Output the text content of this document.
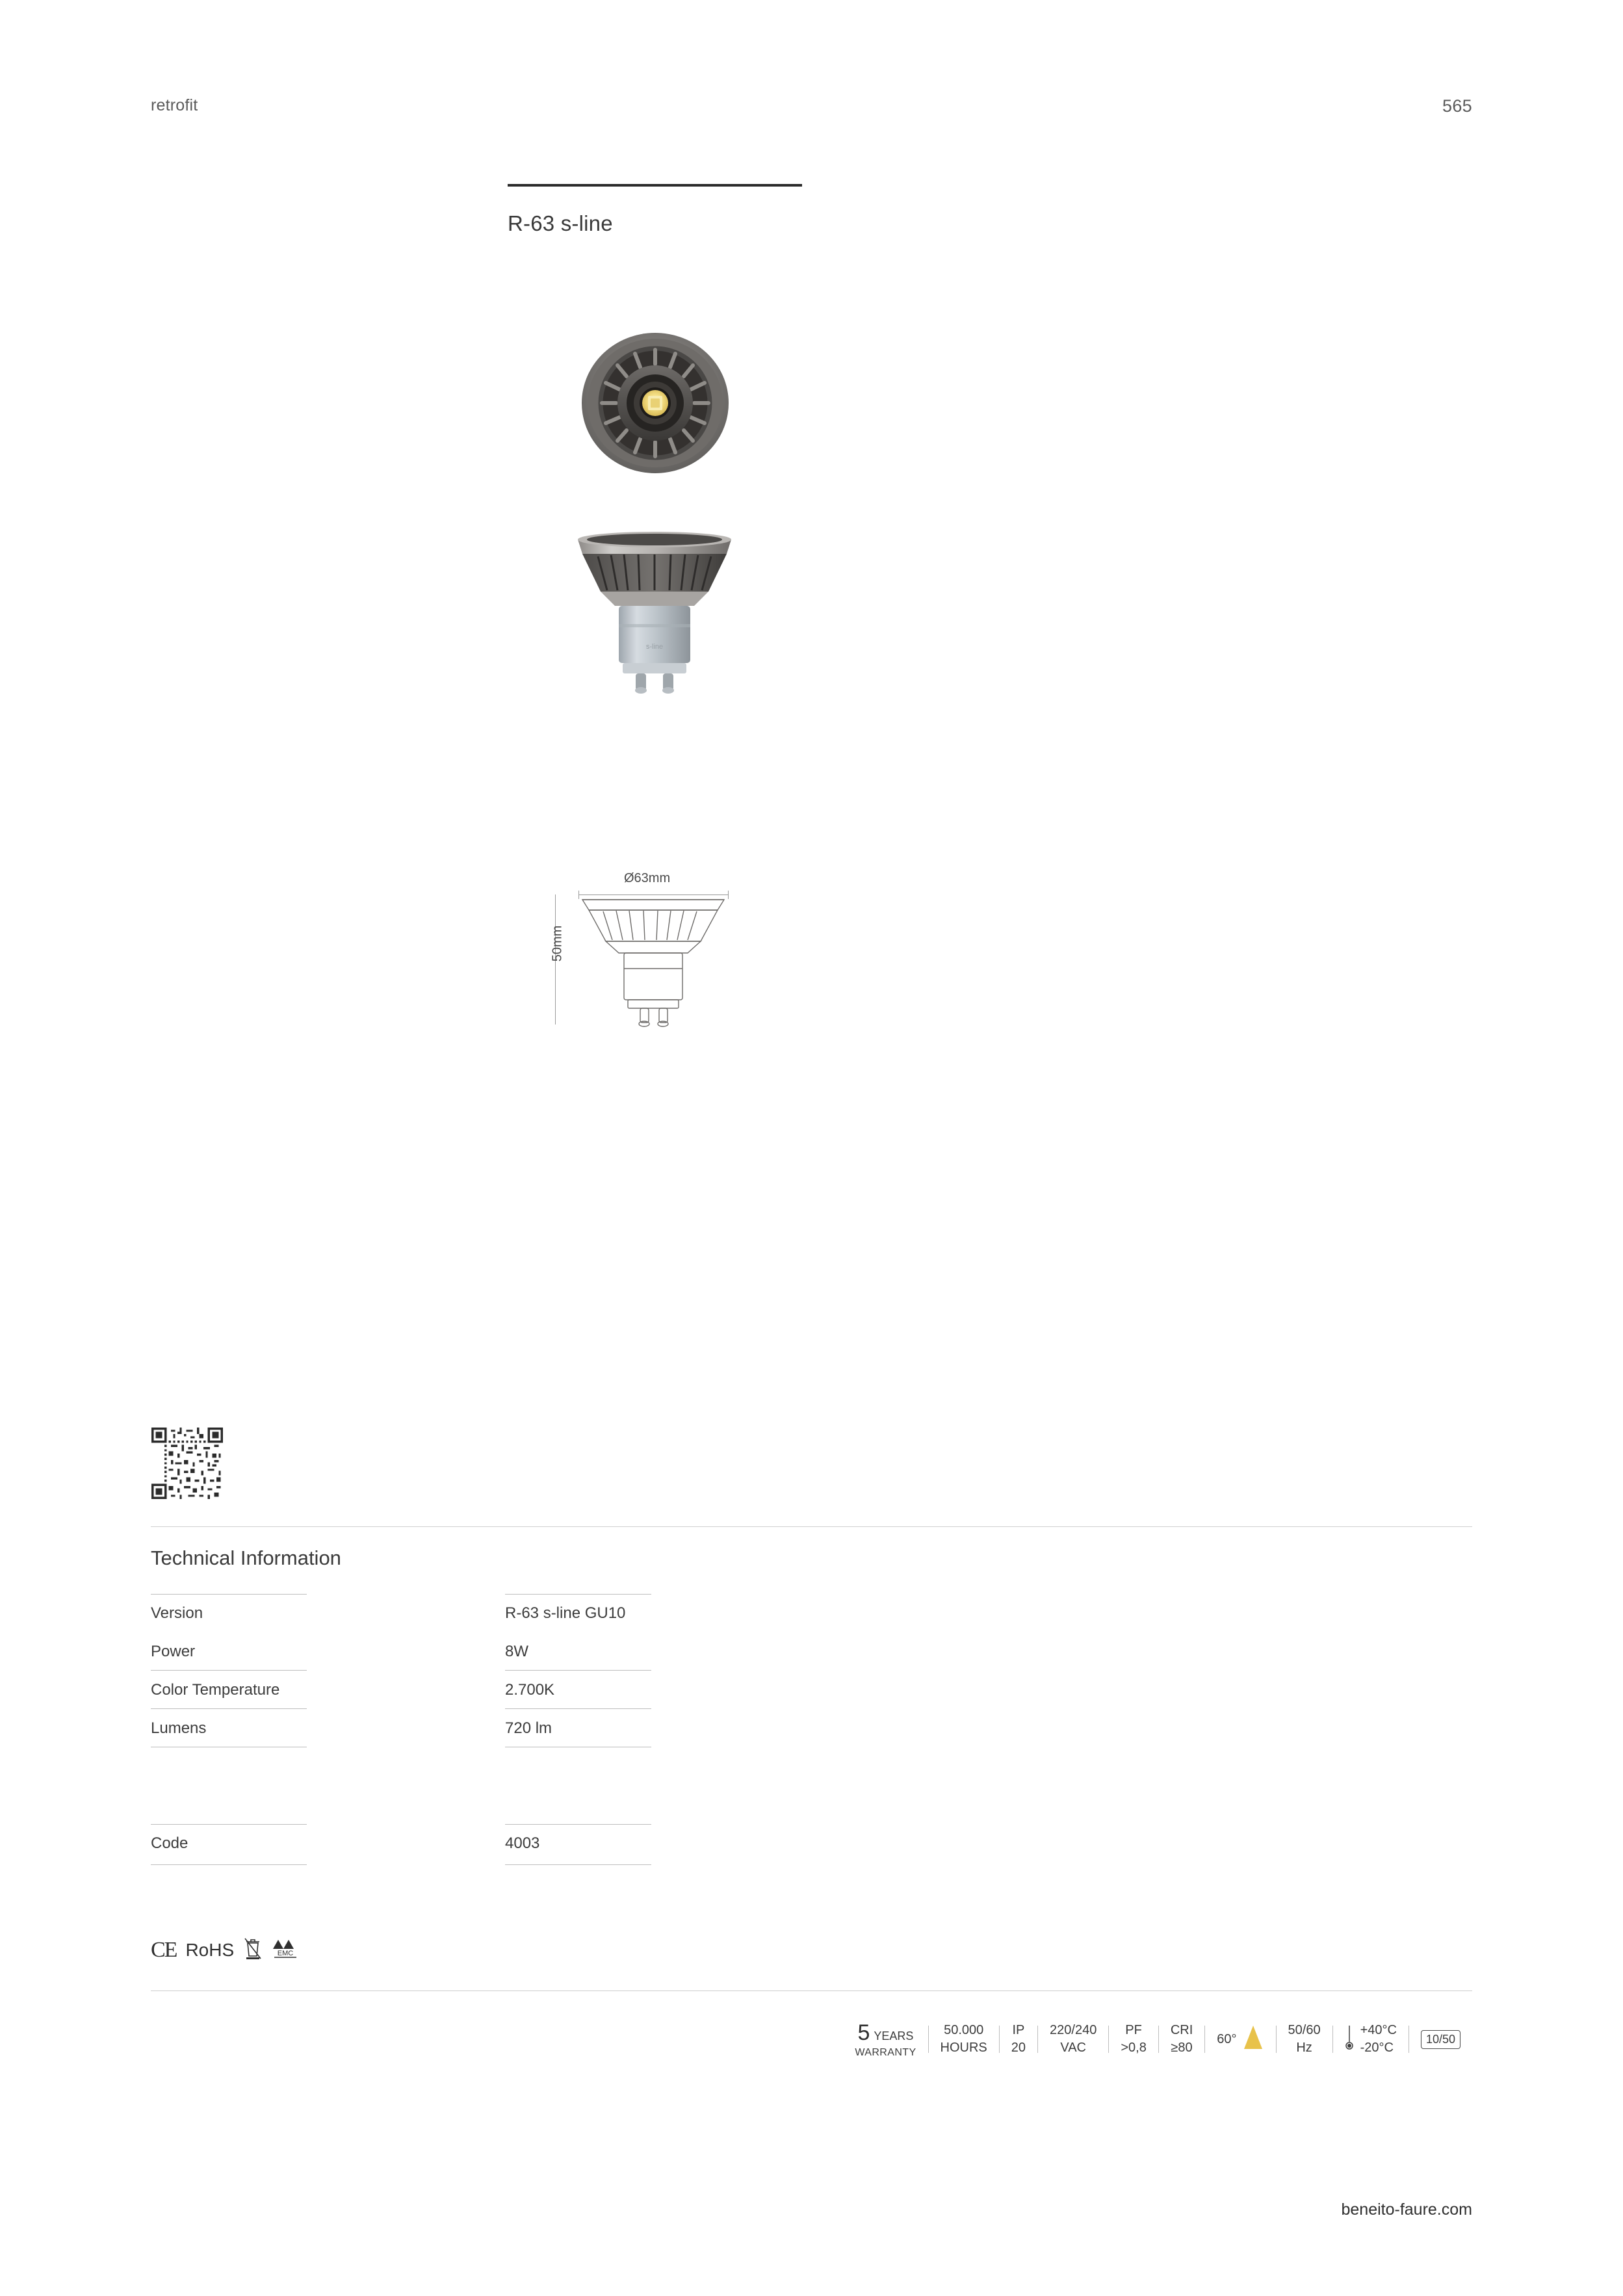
retrofit	565
R-63 s-line
s-line
Ø63mm
50mm
Technical Information
Version	R-63 s-line GU10
Power	8W
Color Temperature	2.700K
Lumens	720 lm
Code	4003
CE RoHS	EMC
5 YEARS
WARRANTY
50.000
HOURS
IP
20
220/240
VAC
PF
>0,8
CRI
≥80
60°
50/60
Hz
+40°C
-20°C
10/50
beneito-faure.com
